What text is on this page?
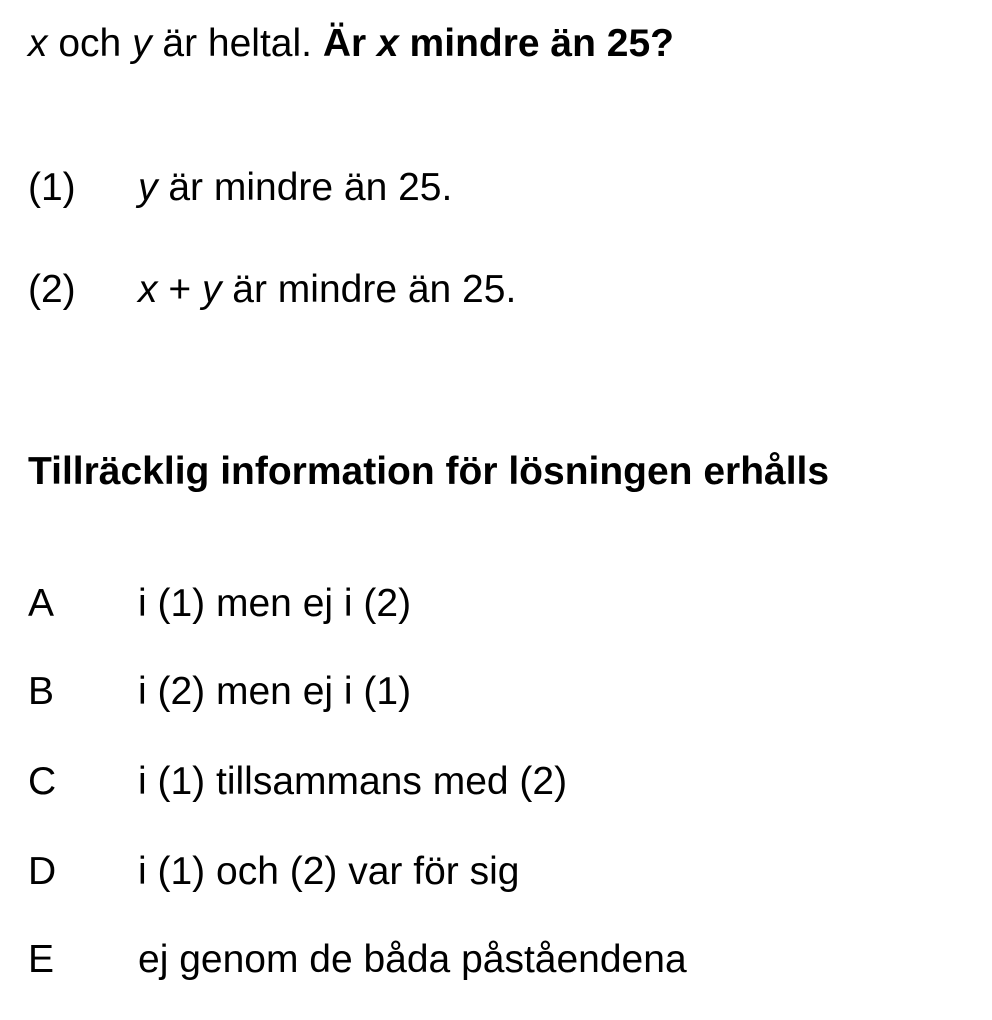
x och y är heltal. Är x mindre än 25?
(1) y är mindre än 25.
(2) x + y är mindre än 25.
Tillräcklig information för lösningen erhålls
A i (1) men ej i (2)
B i (2) men ej i (1)
C i (1) tillsammans med (2)
D i (1) och (2) var för sig
E ej genom de båda påståendena
